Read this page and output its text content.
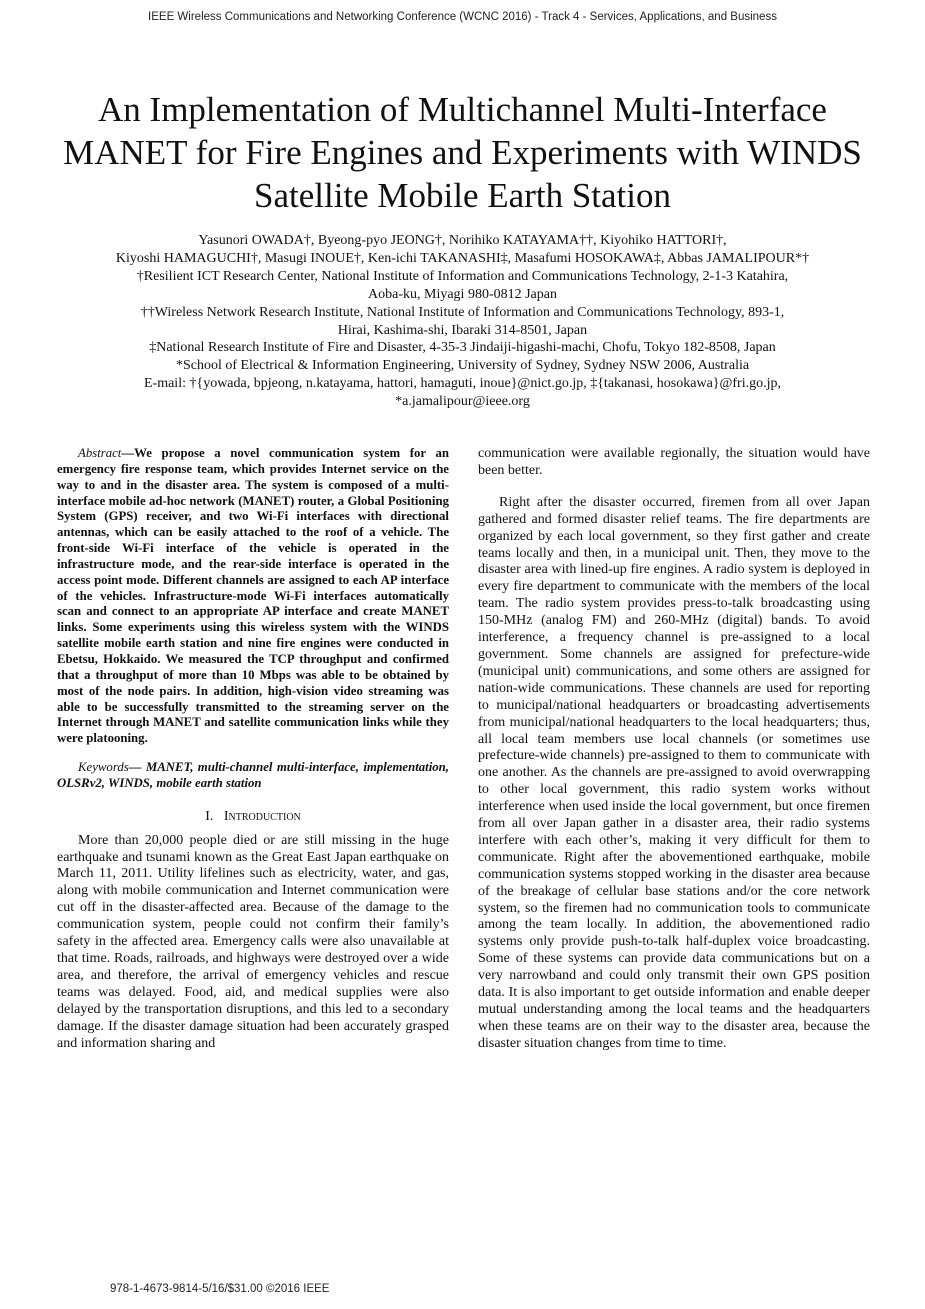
IEEE Wireless Communications and Networking Conference (WCNC 2016) - Track 4 - Services, Applications, and Business
An Implementation of Multichannel Multi-Interface MANET for Fire Engines and Experiments with WINDS Satellite Mobile Earth Station
Yasunori OWADA†, Byeong-pyo JEONG†, Norihiko KATAYAMA††, Kiyohiko HATTORI†,
Kiyoshi HAMAGUCHI†, Masugi INOUE†, Ken-ichi TAKANASHI‡, Masafumi HOSOKAWA‡, Abbas JAMALIPOUR*†
†Resilient ICT Research Center, National Institute of Information and Communications Technology, 2-1-3 Katahira,
Aoba-ku, Miyagi 980-0812 Japan
††Wireless Network Research Institute, National Institute of Information and Communications Technology, 893-1,
Hirai, Kashima-shi, Ibaraki 314-8501, Japan
‡National Research Institute of Fire and Disaster, 4-35-3 Jindaiji-higashi-machi, Chofu, Tokyo 182-8508, Japan
*School of Electrical & Information Engineering, University of Sydney, Sydney NSW 2006, Australia
E-mail: †{yowada, bpjeong, n.katayama, hattori, hamaguti, inoue}@nict.go.jp, ‡{takanasi, hosokawa}@fri.go.jp,
*a.jamalipour@ieee.org

Abstract—We propose a novel communication system for an emergency fire response team, which provides Internet service on the way to and in the disaster area. The system is composed of a multi-interface mobile ad-hoc network (MANET) router, a Global Positioning System (GPS) receiver, and two Wi-Fi interfaces with directional antennas, which can be easily attached to the roof of a vehicle. The front-side Wi-Fi interface of the vehicle is operated in the infrastructure mode, and the rear-side interface is operated in the access point mode. Different channels are assigned to each AP interface of the vehicles. Infrastructure-mode Wi-Fi interfaces automatically scan and connect to an appropriate AP interface and create MANET links. Some experiments using this wireless system with the WINDS satellite mobile earth station and nine fire engines were conducted in Ebetsu, Hokkaido. We measured the TCP throughput and confirmed that a throughput of more than 10 Mbps was able to be obtained by most of the node pairs. In addition, high-vision video streaming was able to be successfully transmitted to the streaming server on the Internet through MANET and satellite communication links while they were platooning.

Keywords— MANET, multi-channel multi-interface, implementation, OLSRv2, WINDS, mobile earth station

I. Introduction

More than 20,000 people died or are still missing in the huge earthquake and tsunami known as the Great East Japan earthquake on March 11, 2011. Utility lifelines such as electricity, water, and gas, along with mobile communication and Internet communication were cut off in the disaster-affected area. Because of the damage to the communication system, people could not confirm their family’s safety in the affected area. Emergency calls were also unavailable at that time. Roads, railroads, and highways were destroyed over a wide area, and therefore, the arrival of emergency vehicles and rescue teams was delayed. Food, aid, and medical supplies were also delayed by the transportation disruptions, and this led to a secondary damage. If the disaster damage situation had been accurately grasped and information sharing and

communication were available regionally, the situation would have been better.

Right after the disaster occurred, firemen from all over Japan gathered and formed disaster relief teams. The fire departments are organized by each local government, so they first gather and create teams locally and then, in a municipal unit. Then, they move to the disaster area with lined-up fire engines. A radio system is deployed in every fire department to communicate with the members of the local team. The radio system provides press-to-talk broadcasting using 150-MHz (analog FM) and 260-MHz (digital) bands. To avoid interference, a frequency channel is pre-assigned to a local government. Some channels are assigned for prefecture-wide (municipal unit) communications, and some others are assigned for nation-wide communications. These channels are used for reporting to municipal/national headquarters or broadcasting advertisements from municipal/national headquarters to the local headquarters; thus, all local team members use local channels (or sometimes use prefecture-wide channels) pre-assigned to them to communicate with one another. As the channels are pre-assigned to avoid overwrapping to other local government, this radio system works without interference when used inside the local government, but once firemen from all over Japan gather in a disaster area, their radio systems interfere with each other’s, making it very difficult for them to communicate. Right after the abovementioned earthquake, mobile communication systems stopped working in the disaster area because of the breakage of cellular base stations and/or the core network system, so the firemen had no communication tools to communicate among the team locally. In addition, the abovementioned radio systems only provide push-to-talk half-duplex voice broadcasting. Some of these systems can provide data communications but on a very narrowband and could only transmit their own GPS position data. It is also important to get outside information and enable deeper mutual understanding among the local teams and the headquarters when these teams are on their way to the disaster area, because the disaster situation changes from time to time.

978-1-4673-9814-5/16/$31.00 ©2016 IEEE
